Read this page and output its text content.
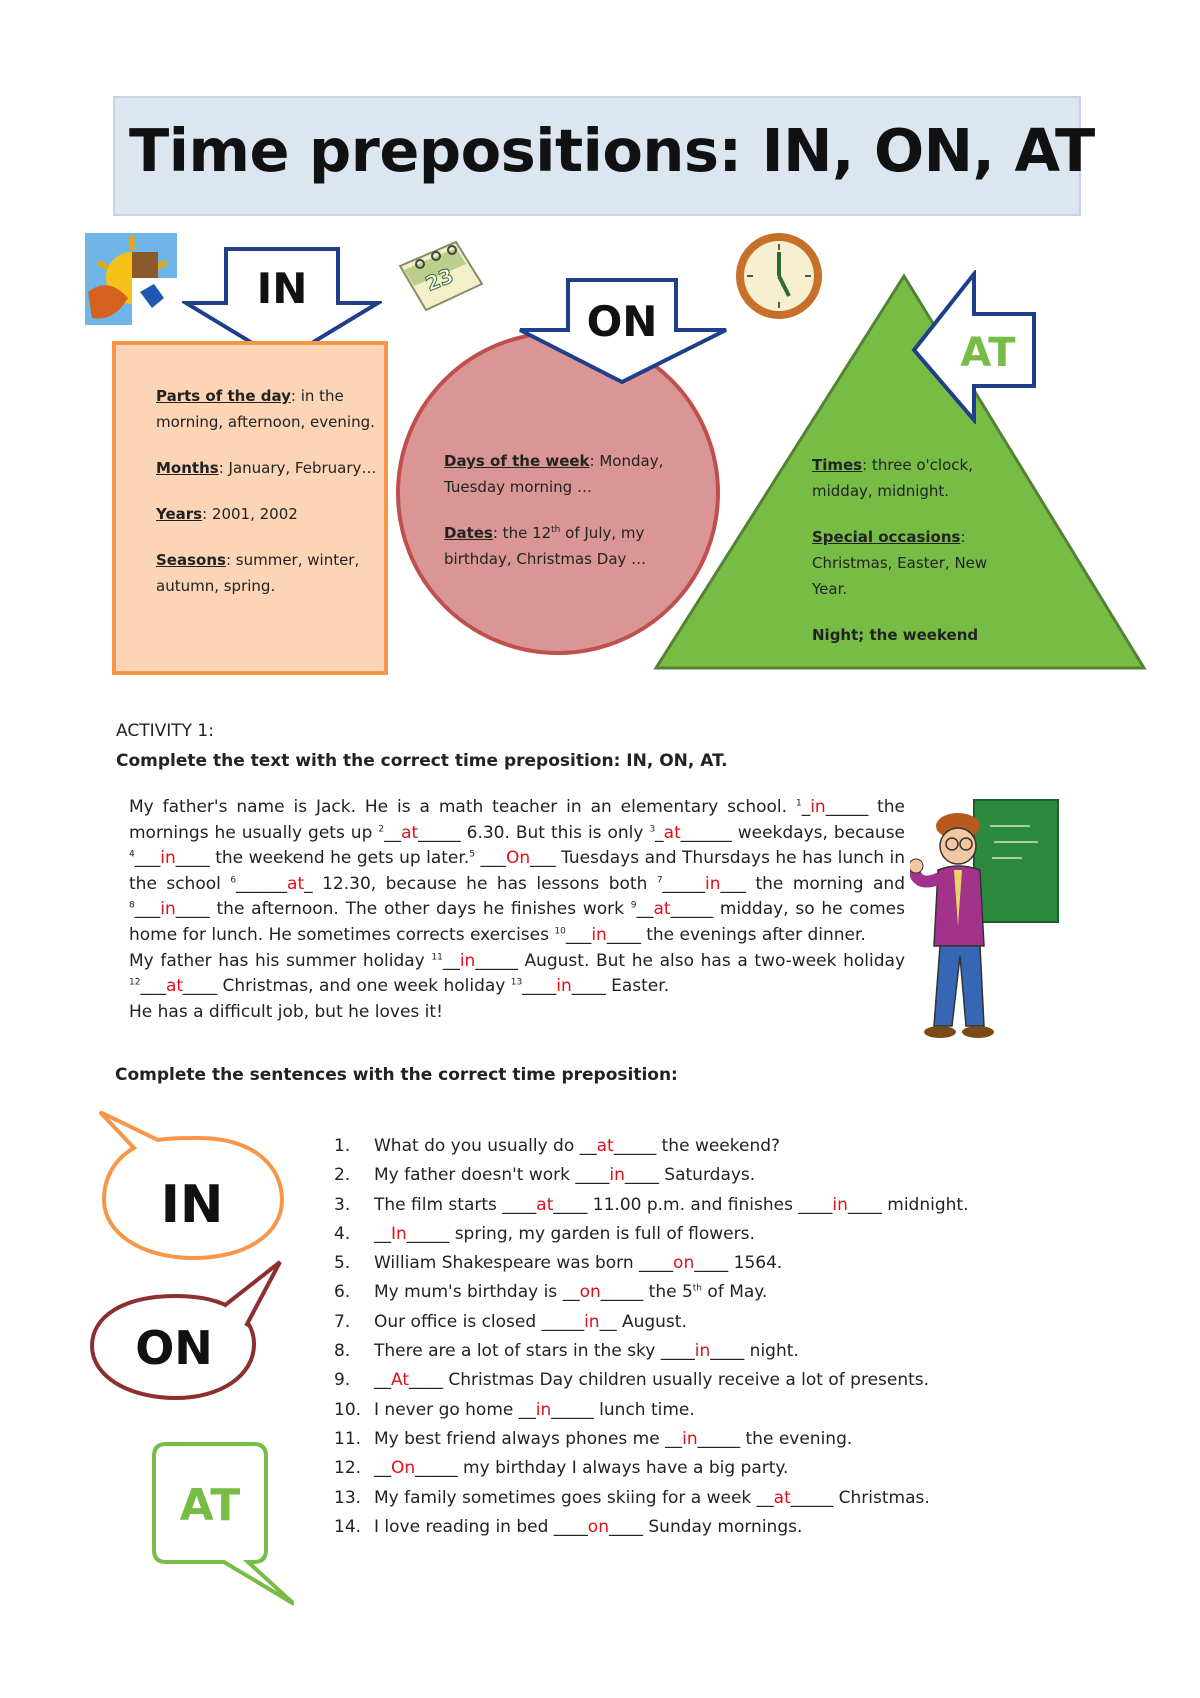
Time prepositions: IN, ON, AT
IN	23

Parts of the day: in the morning, afternoon, evening.

Months: January, February…

Years: 2001, 2002

Seasons: summer, winter, autumn, spring.

ON

Days of the week: Monday, Tuesday morning …

Dates: the 12th of July, my birthday, Christmas Day …

AT

Times: three o'clock, midday, midnight.

Special occasions:
Christmas, Easter, New Year.

Night; the weekend

ACTIVITY 1:
Complete the text with the correct time preposition: IN, ON, AT.

My father's name is Jack. He is a math teacher in an elementary school. $^1$_in_____ the mornings he usually gets up $^2$__at_____ 6.30. But this is only $^3$_at______ weekdays, because $^4$___in____ the weekend he gets up later.$^5$ ___On___ Tuesdays and Thursdays he has lunch in the school $^6$______at_ 12.30, because he has lessons both $^7$_____in___ the morning and $^8$___in____ the afternoon. The other days he finishes work $^9$__at_____ midday, so he comes home for lunch. He sometimes corrects exercises $^{10}$___in____ the evenings after dinner.

My father has his summer holiday $^{11}$__in_____ August. But he also has a two-week holiday $^{12}$___at____ Christmas, and one week holiday $^{13}$____in____ Easter.

He has a difficult job, but he loves it!

Complete the sentences with the correct time preposition:
IN
ON
AT
1.	What do you usually do __at_____ the weekend?
2.	My father doesn't work ____in____ Saturdays.
3.	The film starts ____at____ 11.00 p.m. and finishes ____in____ midnight.
4.	__In_____ spring, my garden is full of flowers.
5.	William Shakespeare was born ____on____ 1564.
6.	My mum's birthday is __on_____ the 5th of May.
7.	Our office is closed _____in__ August.
8.	There are a lot of stars in the sky ____in____ night.
9.	__At____ Christmas Day children usually receive a lot of presents.
10. I never go home __in_____ lunch time.
11. My best friend always phones me __in_____ the evening.
12. __On_____ my birthday I always have a big party.
13. My family sometimes goes skiing for a week __at_____ Christmas.
14. I love reading in bed ____on____ Sunday mornings.
